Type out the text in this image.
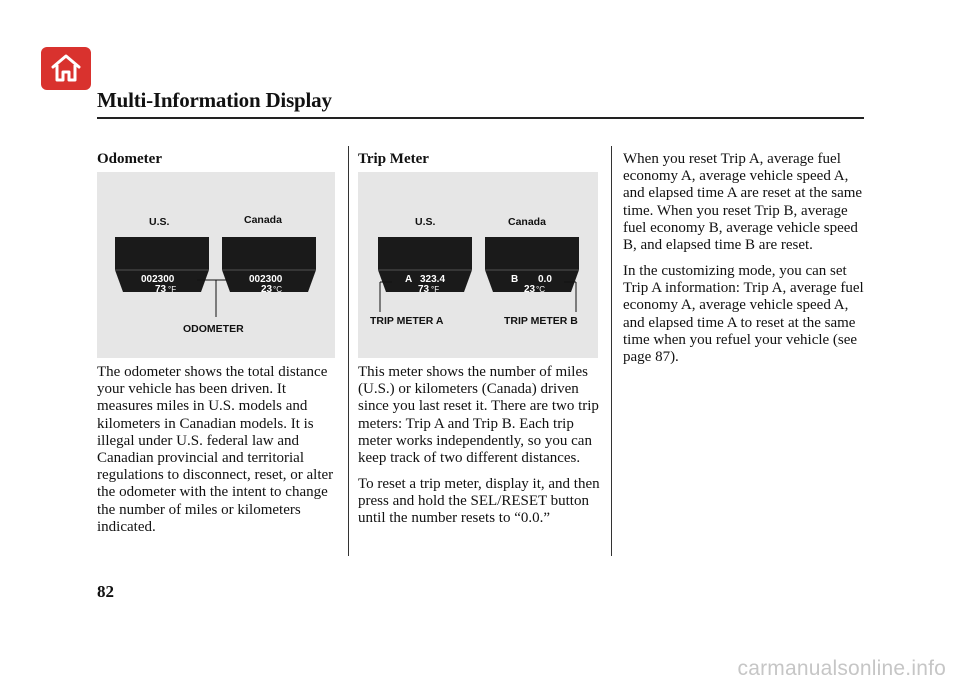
Multi-Information Display
Odometer
U.S.	Canada
002300
73 °F
002300
23 °C
ODOMETER

The odometer shows the total distance your vehicle has been driven. It measures miles in U.S. models and kilometers in Canadian models. It is illegal under U.S. federal law and Canadian provincial and territorial regulations to disconnect, reset, or alter the odometer with the intent to change the number of miles or kilometers indicated.

Trip Meter
U.S.	Canada
A 323.4
73 °F
B 0.0
23 °C
TRIP METER A	TRIP METER B

This meter shows the number of miles (U.S.) or kilometers (Canada) driven since you last reset it. There are two trip meters: Trip A and Trip B. Each trip meter works independently, so you can keep track of two different distances.

To reset a trip meter, display it, and then press and hold the SEL/RESET button until the number resets to “0.0.”

When you reset Trip A, average fuel economy A, average vehicle speed A, and elapsed time A are reset at the same time. When you reset Trip B, average fuel economy B, average vehicle speed B, and elapsed time B are reset.

In the customizing mode, you can set Trip A information: Trip A, average fuel economy A, average vehicle speed A, and elapsed time A to reset at the same time when you refuel your vehicle (see page 87).

82
carmanualsonline.info
